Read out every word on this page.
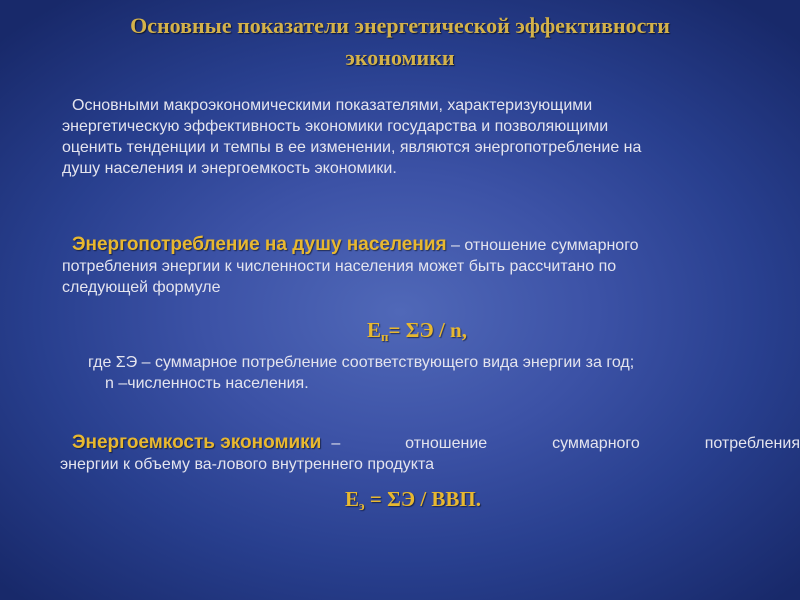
Основные показатели энергетической эффективности
экономики
Основными макроэкономическими показателями, характеризующими
энергетическую эффективность экономики государства и позволяющими
оценить тенденции и темпы в ее изменении, являются энергопотребление на
душу населения и энергоемкость экономики.
Энергопотребление на душу населения – отношение суммарного
потребления энергии к численности населения может быть рассчитано по
следующей формуле
$Е_п= \Sigma Э / n$,
где ΣЭ – суммарное потребление соответствующего вида энергии за год;
n –численность населения.
Энергоемкость экономики –	отношение	суммарного	потребления
энергии к объему ва-лового внутреннего продукта
$Е_э = \Sigma Э$ / ВВП.
